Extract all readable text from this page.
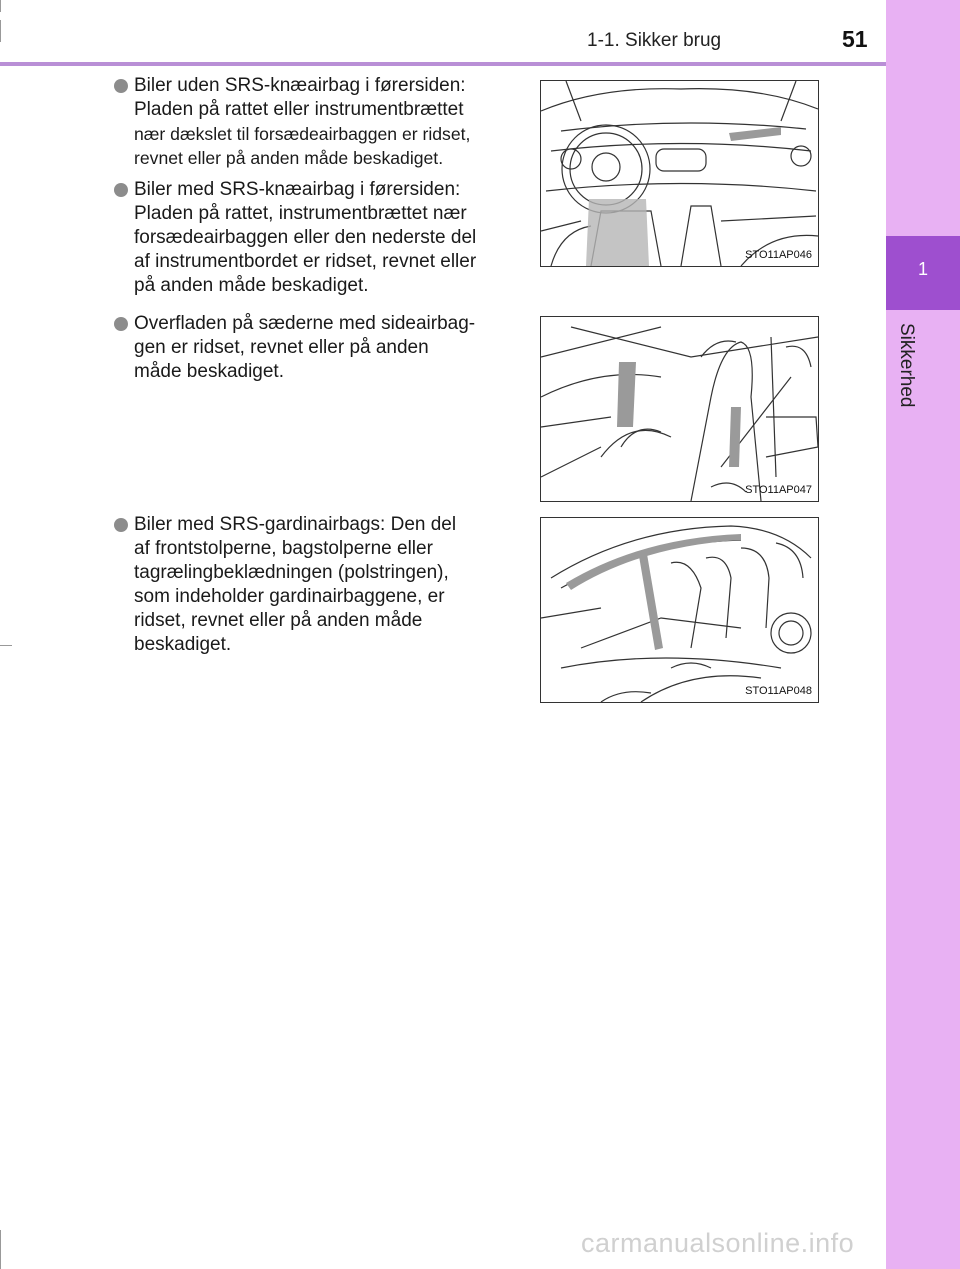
1
Sikkerhed
1-1. Sikker brug	51
Biler uden SRS-knæairbag i førersiden:
Pladen på rattet eller instrumentbrættet
nær dækslet til forsædeairbaggen er ridset,
revnet eller på anden måde beskadiget.
Biler med SRS-knæairbag i førersiden:
Pladen på rattet, instrumentbrættet nær
forsædeairbaggen eller den nederste del
af instrumentbordet er ridset, revnet eller
på anden måde beskadiget.
Overfladen på sæderne med sideairbag-
gen er ridset, revnet eller på anden
måde beskadiget.
Biler med SRS-gardinairbags: Den del
af frontstolperne, bagstolperne eller
tagrælingbeklædningen (polstringen),
som indeholder gardinairbaggene, er
ridset, revnet eller på anden måde
beskadiget.
STO11AP046
STO11AP047
STO11AP048
carmanualsonline.info
